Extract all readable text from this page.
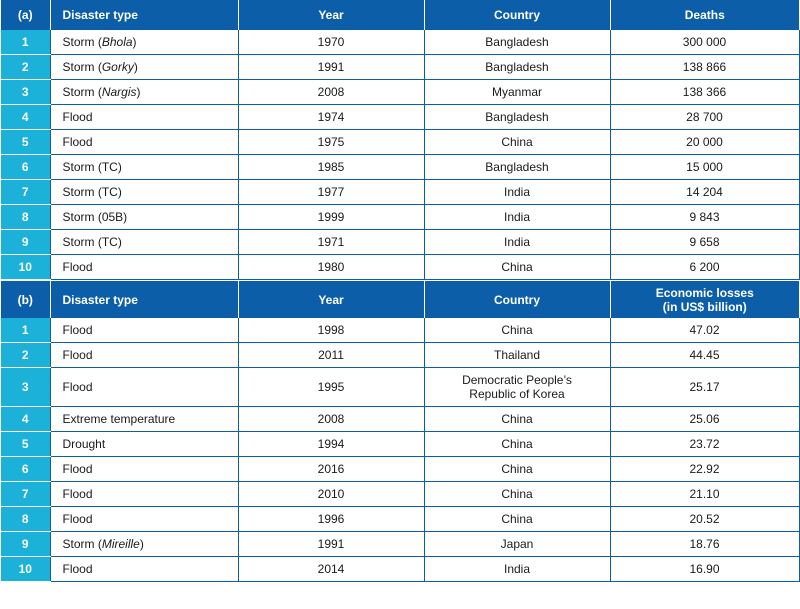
(a)	Disaster type	Year	Country	Deaths
1	Storm (Bhola)	1970	Bangladesh	300 000
2	Storm (Gorky)	1991	Bangladesh	138 866
3	Storm (Nargis)	2008	Myanmar	138 366
4	Flood	1974	Bangladesh	28 700
5	Flood	1975	China	20 000
6	Storm (TC)	1985	Bangladesh	15 000
7	Storm (TC)	1977	India	14 204
8	Storm (05B)	1999	India	9 843
9	Storm (TC)	1971	India	9 658
10	Flood	1980	China	6 200

(b)	Disaster type	Year	Country	Economic losses
(in US$ billion)
1	Flood	1998	China	47.02
2	Flood	2011	Thailand	44.45
3	Flood	1995	Democratic People’s
Republic of Korea	25.17
4	Extreme temperature	2008	China	25.06
5	Drought	1994	China	23.72
6	Flood	2016	China	22.92
7	Flood	2010	China	21.10
8	Flood	1996	China	20.52
9	Storm (Mireille)	1991	Japan	18.76
10	Flood	2014	India	16.90
